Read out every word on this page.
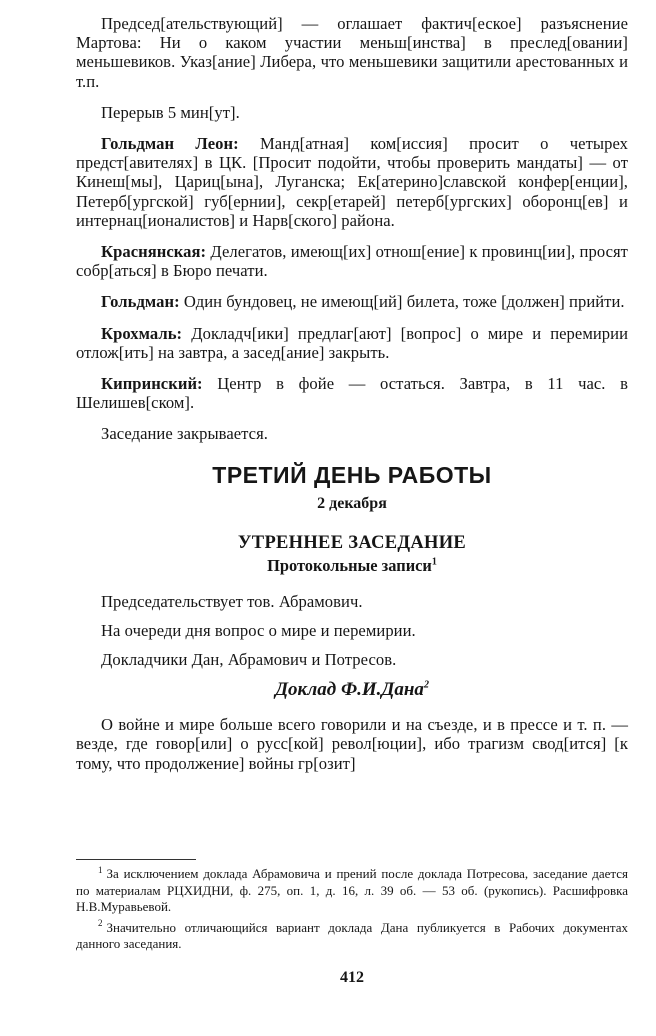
Председ[ательствующий] — оглашает фактич[еское] разъяснение Мартова: Ни о каком участии меньш[инства] в преслед[овании] меньшевиков. Указ[ание] Либера, что меньшевики защитили арестованных и т.п.

Перерыв 5 мин[ут].

Гольдман Леон: Манд[атная] ком[иссия] просит о четырех предст[авителях] в ЦК. [Просит подойти, чтобы проверить мандаты] — от Кинеш[мы], Цариц[ына], Луганска; Ек[атерино]славской конфер[енции], Петерб[ургской] губ[ернии], секр[етарей] петерб[ургских] оборонц[ев] и интернац[ионалистов] и Нарв[ского] района.

Краснянская: Делегатов, имеющ[их] отнош[ение] к провинц[ии], просят собр[аться] в Бюро печати.

Гольдман: Один бундовец, не имеющ[ий] билета, тоже [должен] прийти.

Крохмаль: Докладч[ики] предлаг[ают] [вопрос] о мире и перемирии отлож[ить] на завтра, а засед[ание] закрыть.

Кипринский: Центр в фойе — остаться. Завтра, в 11 час. в Шелишев[ском].

Заседание закрывается.

ТРЕТИЙ ДЕНЬ РАБОТЫ
2 декабря
УТРЕННЕЕ ЗАСЕДАНИЕ
Протокольные записи$^1$

Председательствует тов. Абрамович.

На очереди дня вопрос о мире и перемирии.

Докладчики Дан, Абрамович и Потресов.

Доклад Ф.И.Дана$^2$

О войне и мире больше всего говорили и на съезде, и в прессе и т. п. — везде, где говор[или] о русс[кой] револ[юции], ибо трагизм свод[ится] [к тому, что продолжение] войны гр[озит]

$^1$ За исключением доклада Абрамовича и прений после доклада Потресова, заседание дается по материалам РЦХИДНИ, ф. 275, оп. 1, д. 16, л. 39 об. — 53 об. (рукопись). Расшифровка Н.В.Муравьевой.

$^2$ Значительно отличающийся вариант доклада Дана публикуется в Рабочих документах данного заседания.

412
